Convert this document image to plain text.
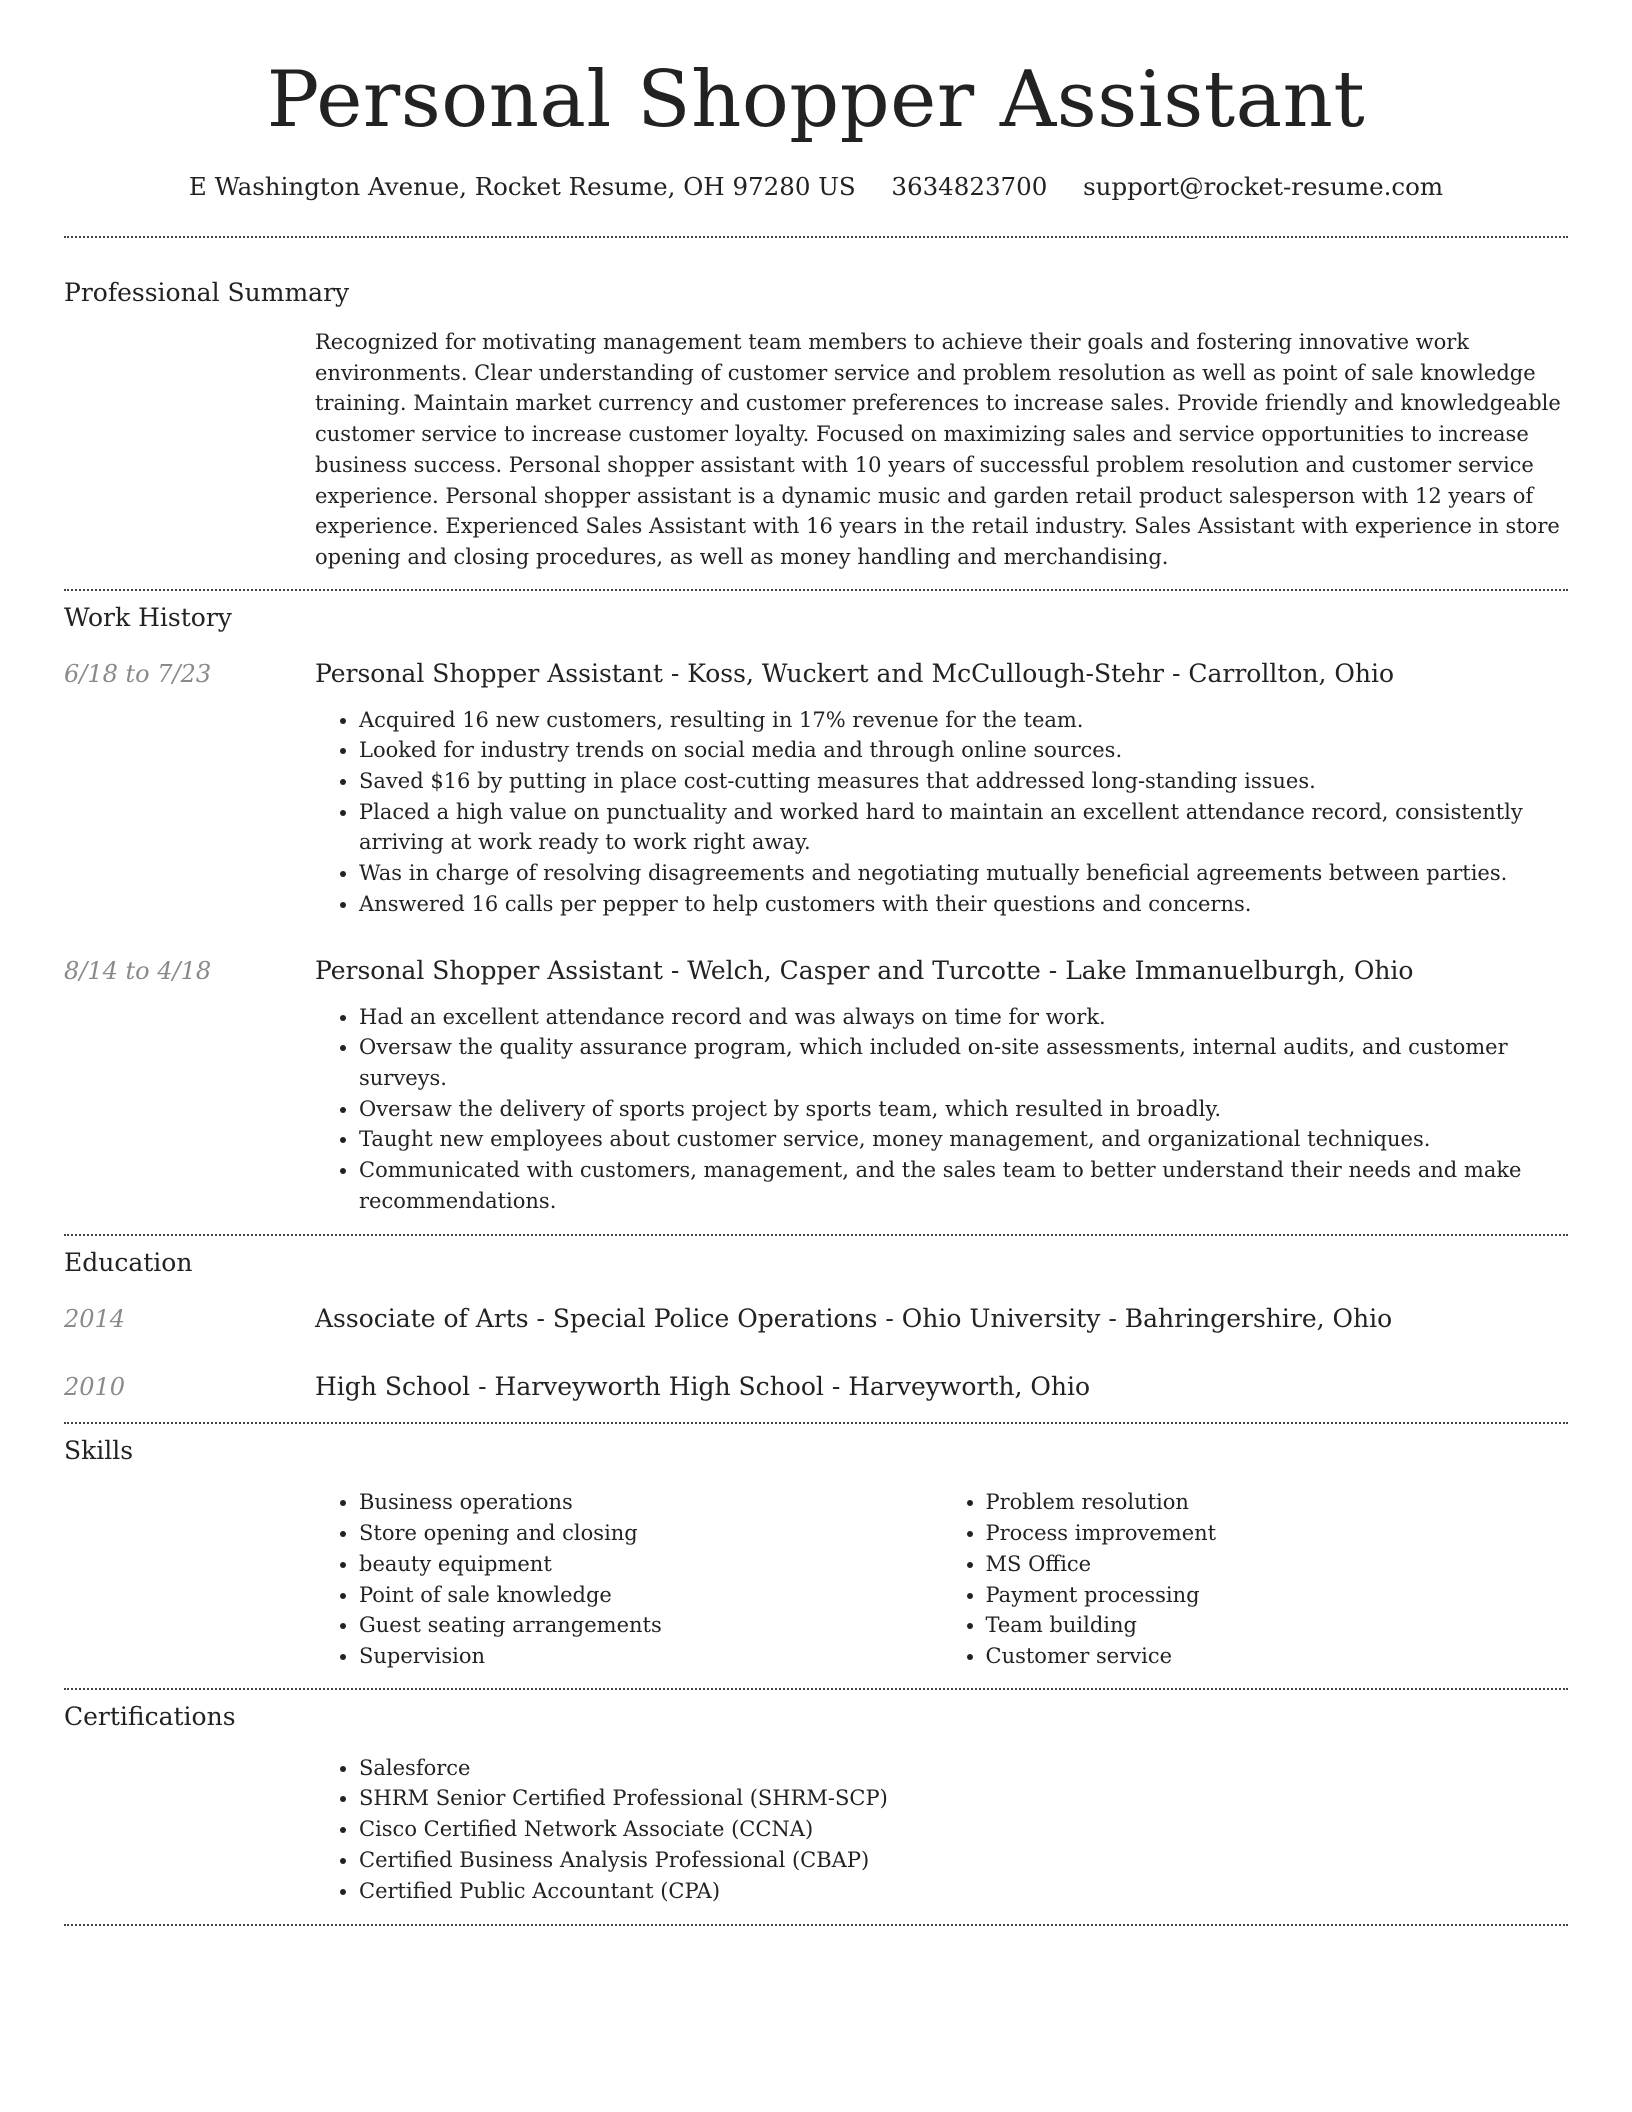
Personal Shopper Assistant
E Washington Avenue, Rocket Resume, OH 97280 US 3634823700 support@rocket-resume.com
Professional Summary
Recognized for motivating management team members to achieve their goals and fostering innovative work environments. Clear understanding of customer service and problem resolution as well as point of sale knowledge training. Maintain market currency and customer preferences to increase sales. Provide friendly and knowledgeable customer service to increase customer loyalty. Focused on maximizing sales and service opportunities to increase business success. Personal shopper assistant with 10 years of successful problem resolution and customer service experience. Personal shopper assistant is a dynamic music and garden retail product salesperson with 12 years of experience. Experienced Sales Assistant with 16 years in the retail industry. Sales Assistant with experience in store opening and closing procedures, as well as money handling and merchandising.
Work History
6/18 to 7/23	Personal Shopper Assistant - Koss, Wuckert and McCullough-Stehr - Carrollton, Ohio
• Acquired 16 new customers, resulting in 17% revenue for the team.
• Looked for industry trends on social media and through online sources.
• Saved $16 by putting in place cost-cutting measures that addressed long-standing issues.
• Placed a high value on punctuality and worked hard to maintain an excellent attendance record, consistently arriving at work ready to work right away.
• Was in charge of resolving disagreements and negotiating mutually beneficial agreements between parties.
• Answered 16 calls per pepper to help customers with their questions and concerns.
8/14 to 4/18	Personal Shopper Assistant - Welch, Casper and Turcotte - Lake Immanuelburgh, Ohio
• Had an excellent attendance record and was always on time for work.
• Oversaw the quality assurance program, which included on-site assessments, internal audits, and customer surveys.
• Oversaw the delivery of sports project by sports team, which resulted in broadly.
• Taught new employees about customer service, money management, and organizational techniques.
• Communicated with customers, management, and the sales team to better understand their needs and make recommendations.
Education
2014	Associate of Arts - Special Police Operations - Ohio University - Bahringershire, Ohio
2010	High School - Harveyworth High School - Harveyworth, Ohio
Skills
• Business operations
• Store opening and closing
• beauty equipment
• Point of sale knowledge
• Guest seating arrangements
• Supervision
• Problem resolution
• Process improvement
• MS Office
• Payment processing
• Team building
• Customer service
Certifications
• Salesforce
• SHRM Senior Certified Professional (SHRM-SCP)
• Cisco Certified Network Associate (CCNA)
• Certified Business Analysis Professional (CBAP)
• Certified Public Accountant (CPA)
